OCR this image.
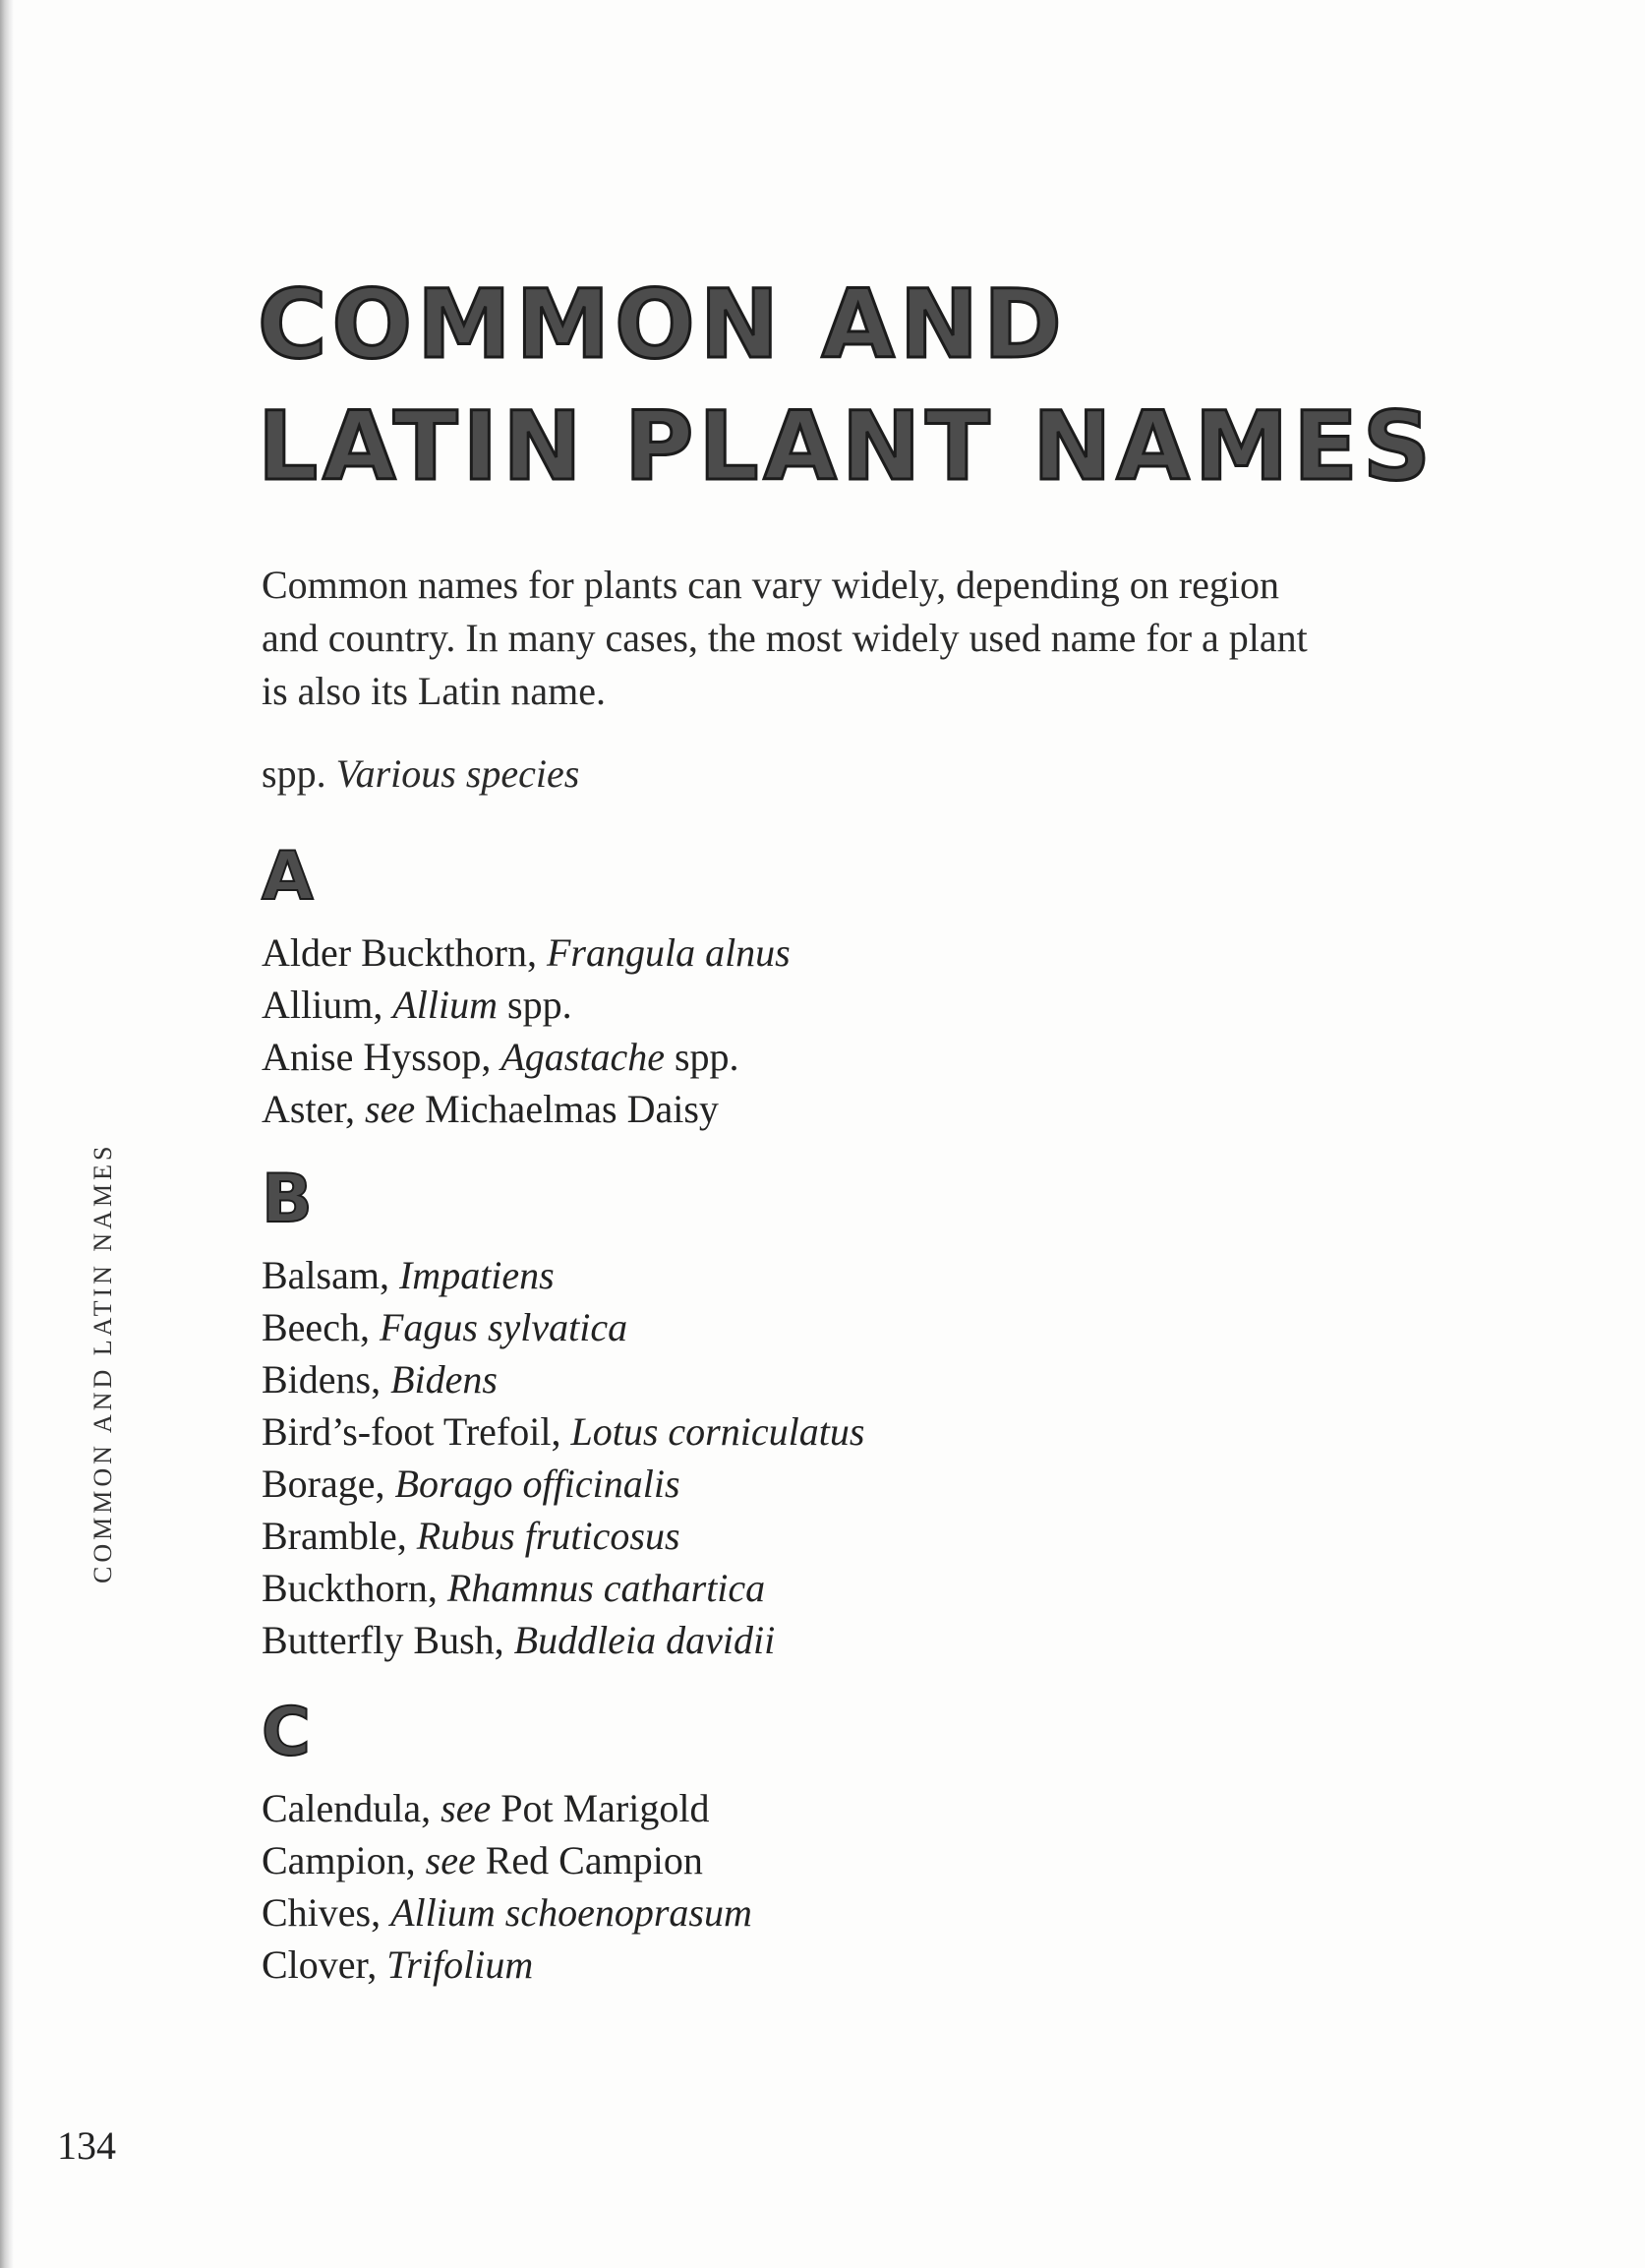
COMMON AND
LATIN PLANT NAMES

Common names for plants can vary widely, depending on region and country. In many cases, the most widely used name for a plant is also its Latin name.

spp. Various species

A
Alder Buckthorn, Frangula alnus
Allium, Allium spp.
Anise Hyssop, Agastache spp.
Aster, see Michaelmas Daisy
B
Balsam, Impatiens
Beech, Fagus sylvatica
Bidens, Bidens
Bird’s-foot Trefoil, Lotus corniculatus
Borage, Borago officinalis
Bramble, Rubus fruticosus
Buckthorn, Rhamnus cathartica
Butterfly Bush, Buddleia davidii
C
Calendula, see Pot Marigold
Campion, see Red Campion
Chives, Allium schoenoprasum
Clover, Trifolium
COMMON AND LATIN NAMES
134
